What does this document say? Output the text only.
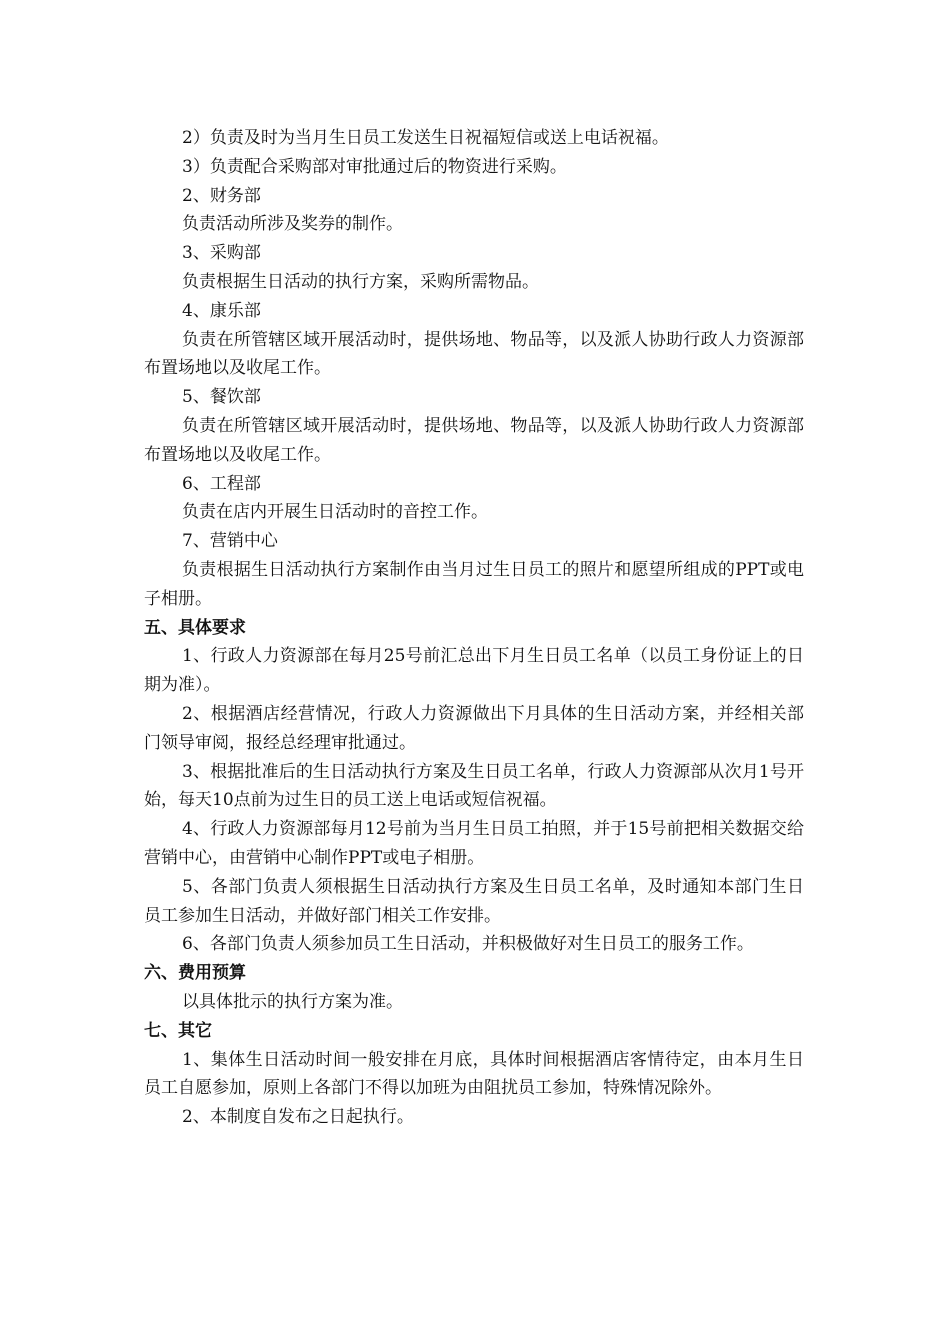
2）负责及时为当月生日员工发送生日祝福短信或送上电话祝福。

3）负责配合采购部对审批通过后的物资进行采购。

2、财务部

负责活动所涉及奖券的制作。

3、采购部

负责根据生日活动的执行方案，采购所需物品。

4、康乐部

负责在所管辖区域开展活动时，提供场地、物品等，以及派人协助行政人力资源部布置场地以及收尾工作。

5、餐饮部

负责在所管辖区域开展活动时，提供场地、物品等，以及派人协助行政人力资源部布置场地以及收尾工作。

6、工程部

负责在店内开展生日活动时的音控工作。

7、营销中心

负责根据生日活动执行方案制作由当月过生日员工的照片和愿望所组成的PPT或电子相册。

五、具体要求

1、行政人力资源部在每月25号前汇总出下月生日员工名单（以员工身份证上的日期为准）。

2、根据酒店经营情况，行政人力资源做出下月具体的生日活动方案，并经相关部门领导审阅，报经总经理审批通过。

3、根据批准后的生日活动执行方案及生日员工名单，行政人力资源部从次月1号开始，每天10点前为过生日的员工送上电话或短信祝福。

4、行政人力资源部每月12号前为当月生日员工拍照，并于15号前把相关数据交给营销中心，由营销中心制作PPT或电子相册。

5、各部门负责人须根据生日活动执行方案及生日员工名单，及时通知本部门生日员工参加生日活动，并做好部门相关工作安排。

6、各部门负责人须参加员工生日活动，并积极做好对生日员工的服务工作。

六、费用预算

以具体批示的执行方案为准。

七、其它

1、集体生日活动时间一般安排在月底，具体时间根据酒店客情待定，由本月生日员工自愿参加，原则上各部门不得以加班为由阻扰员工参加，特殊情况除外。

2、本制度自发布之日起执行。
